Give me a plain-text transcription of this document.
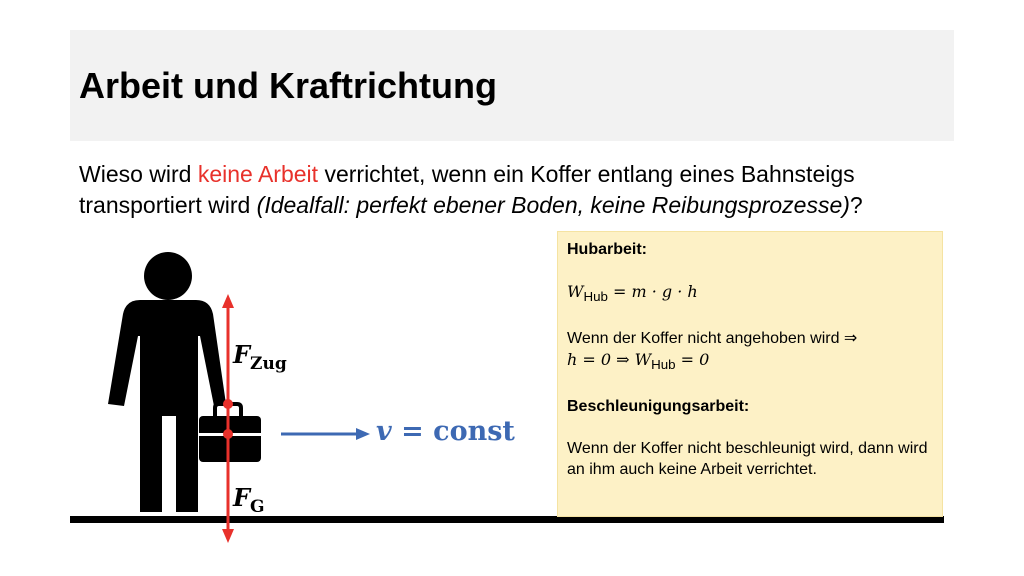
Arbeit und Kraftrichtung
Wieso wird keine Arbeit verrichtet, wenn ein Koffer entlang eines Bahnsteigs transportiert wird (Idealfall: perfekt ebener Boden, keine Reibungsprozesse)?
$F_{Zug}$
$F_G$
v = const

Hubarbeit:

$W_{Hub} = m \cdot g \cdot h$

Wenn der Koffer nicht angehoben wird ⇒

h = 0 ⇒ $W_{Hub} = 0$

Beschleunigungsarbeit:

Wenn der Koffer nicht beschleunigt wird, dann wird an ihm auch keine Arbeit verrichtet.
